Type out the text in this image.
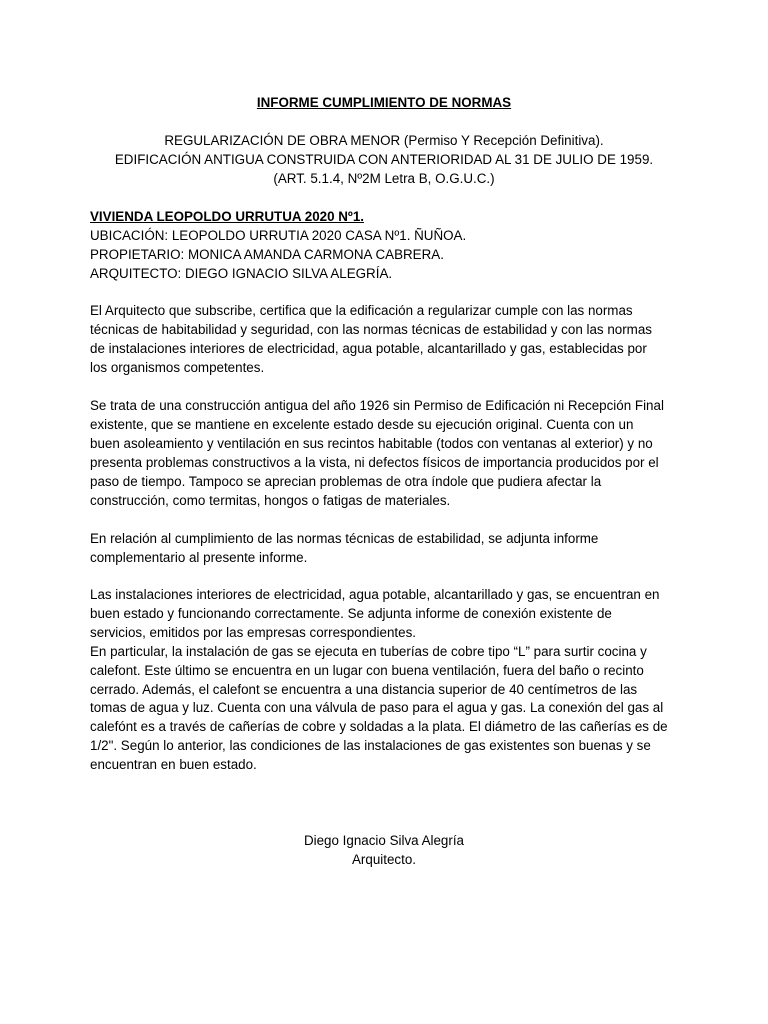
INFORME CUMPLIMIENTO DE NORMAS
REGULARIZACIÓN DE OBRA MENOR (Permiso Y Recepción Definitiva).
EDIFICACIÓN ANTIGUA CONSTRUIDA CON ANTERIORIDAD AL 31 DE JULIO DE 1959.
(ART. 5.1.4, Nº2M Letra B, O.G.U.C.)
VIVIENDA LEOPOLDO URRUTUA 2020 Nº1.
UBICACIÓN: LEOPOLDO URRUTIA 2020 CASA Nº1. ÑUÑOA.
PROPIETARIO: MONICA AMANDA CARMONA CABRERA.
ARQUITECTO: DIEGO IGNACIO SILVA ALEGRÍA.
El Arquitecto que subscribe, certifica que la edificación a regularizar cumple con las normas
técnicas de habitabilidad y seguridad, con las normas técnicas de estabilidad y con las normas
de instalaciones interiores de electricidad, agua potable, alcantarillado y gas, establecidas por
los organismos competentes.
Se trata de una construcción antigua del año 1926 sin Permiso de Edificación ni Recepción Final
existente, que se mantiene en excelente estado desde su ejecución original. Cuenta con un
buen asoleamiento y ventilación en sus recintos habitable (todos con ventanas al exterior) y no
presenta problemas constructivos a la vista, ni defectos físicos de importancia producidos por el
paso de tiempo. Tampoco se aprecian problemas de otra índole que pudiera afectar la
construcción, como termitas, hongos o fatigas de materiales.
En relación al cumplimiento de las normas técnicas de estabilidad, se adjunta informe
complementario al presente informe.
Las instalaciones interiores de electricidad, agua potable, alcantarillado y gas, se encuentran en
buen estado y funcionando correctamente. Se adjunta informe de conexión existente de
servicios, emitidos por las empresas correspondientes.
En particular, la instalación de gas se ejecuta en tuberías de cobre tipo “L” para surtir cocina y
calefont. Este último se encuentra en un lugar con buena ventilación, fuera del baño o recinto
cerrado. Además, el calefont se encuentra a una distancia superior de 40 centímetros de las
tomas de agua y luz. Cuenta con una válvula de paso para el agua y gas. La conexión del gas al
calefónt es a través de cañerías de cobre y soldadas a la plata. El diámetro de las cañerías es de
1/2". Según lo anterior, las condiciones de las instalaciones de gas existentes son buenas y se
encuentran en buen estado.
Diego Ignacio Silva Alegría
Arquitecto.
